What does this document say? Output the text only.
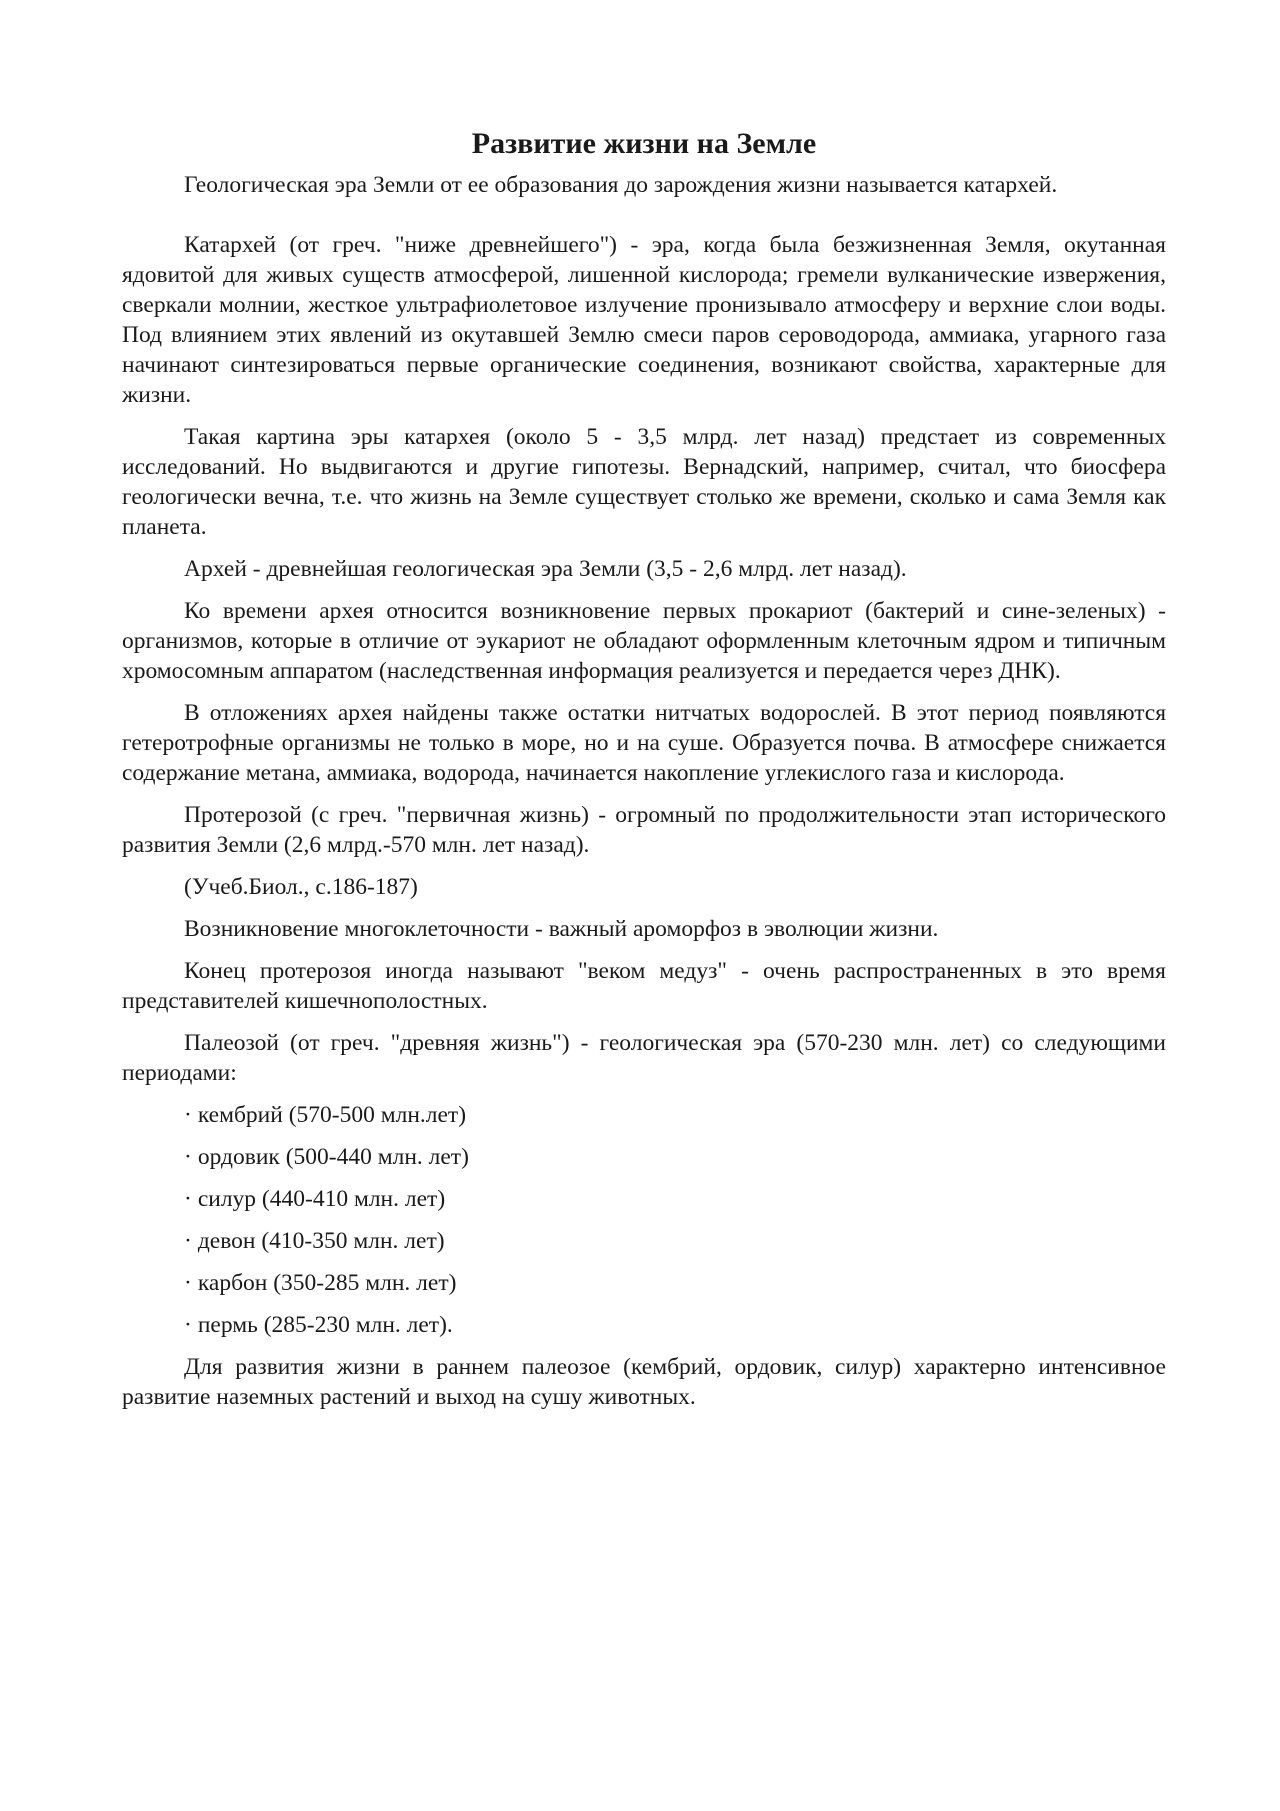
Развитие жизни на Земле

Геологическая эра Земли от ее образования до зарождения жизни называется катархей.

Катархей (от греч. "ниже древнейшего") - эра, когда была безжизненная Земля, окутанная ядовитой для живых существ атмосферой, лишенной кислорода; гремели вулканические извержения, сверкали молнии, жесткое ультрафиолетовое излучение пронизывало атмосферу и верхние слои воды. Под влиянием этих явлений из окутавшей Землю смеси паров сероводорода, аммиака, угарного газа начинают синтезироваться первые органические соединения, возникают свойства, характерные для жизни.

Такая картина эры катархея (около 5 - 3,5 млрд. лет назад) предстает из современных исследований. Но выдвигаются и другие гипотезы. Вернадский, например, считал, что биосфера геологически вечна, т.е. что жизнь на Земле существует столько же времени, сколько и сама Земля как планета.

Архей - древнейшая геологическая эра Земли (3,5 - 2,6 млрд. лет назад).

Ко времени архея относится возникновение первых прокариот (бактерий и сине-зеленых) - организмов, которые в отличие от эукариот не обладают оформленным клеточным ядром и типичным хромосомным аппаратом (наследственная информация реализуется и передается через ДНК).

В отложениях архея найдены также остатки нитчатых водорослей. В этот период появляются гетеротрофные организмы не только в море, но и на суше. Образуется почва. В атмосфере снижается содержание метана, аммиака, водорода, начинается накопление углекислого газа и кислорода.

Протерозой (с греч. "первичная жизнь) - огромный по продолжительности этап исторического развития Земли (2,6 млрд.-570 млн. лет назад).

(Учеб.Биол., с.186-187)

Возникновение многоклеточности - важный ароморфоз в эволюции жизни.

Конец протерозоя иногда называют "веком медуз" - очень распространенных в это время представителей кишечнополостных.

Палеозой (от греч. "древняя жизнь") - геологическая эра (570-230 млн. лет) со следующими периодами:

· кембрий (570-500 млн.лет)
· ордовик (500-440 млн. лет)
· силур (440-410 млн. лет)
· девон (410-350 млн. лет)
· карбон (350-285 млн. лет)
· пермь (285-230 млн. лет).

Для развития жизни в раннем палеозое (кембрий, ордовик, силур) характерно интенсивное развитие наземных растений и выход на сушу животных.
